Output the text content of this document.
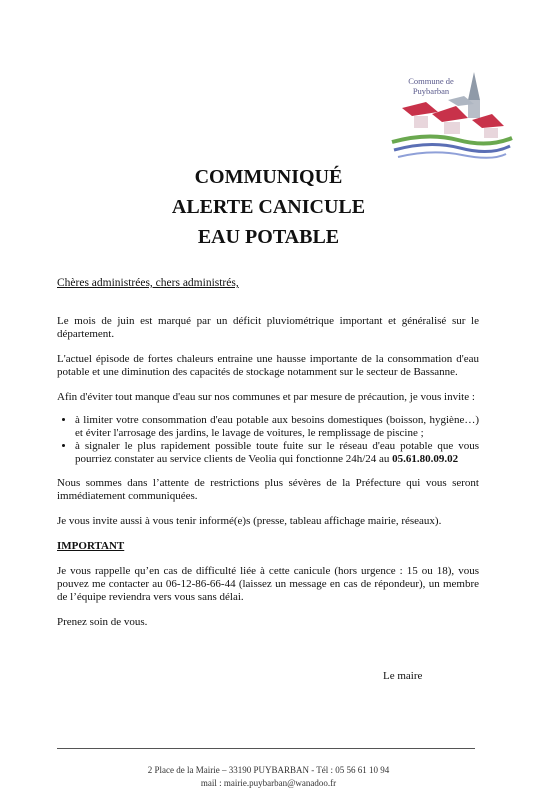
Commune de
Puybarban
COMMUNIQUÉ
ALERTE CANICULE
EAU POTABLE
Chères administrées, chers administrés,

Le mois de juin est marqué par un déficit pluviométrique important et généralisé sur le département.

L'actuel épisode de fortes chaleurs entraine une hausse importante de la consommation d'eau potable et une diminution des capacités de stockage notamment sur le secteur de Bassanne.

Afin d'éviter tout manque d'eau sur nos communes et par mesure de précaution, je vous invite :

• à limiter votre consommation d'eau potable aux besoins domestiques (boisson, hygiène…) et éviter l'arrosage des jardins, le lavage de voitures, le remplissage de piscine ;
• à signaler le plus rapidement possible toute fuite sur le réseau d'eau potable que vous pourriez constater au service clients de Veolia qui fonctionne 24h/24 au 05.61.80.09.02

Nous sommes dans l’attente de restrictions plus sévères de la Préfecture qui vous seront immédiatement communiquées.

Je vous invite aussi à vous tenir informé(e)s (presse, tableau affichage mairie, réseaux).

IMPORTANT

Je vous rappelle qu’en cas de difficulté liée à cette canicule (hors urgence : 15 ou 18), vous pouvez me contacter au 06-12-86-66-44 (laissez un message en cas de répondeur), un membre de l’équipe reviendra vers vous sans délai.

Prenez soin de vous.

Le maire
2 Place de la Mairie – 33190 PUYBARBAN - Tél : 05 56 61 10 94
mail : mairie.puybarban@wanadoo.fr
